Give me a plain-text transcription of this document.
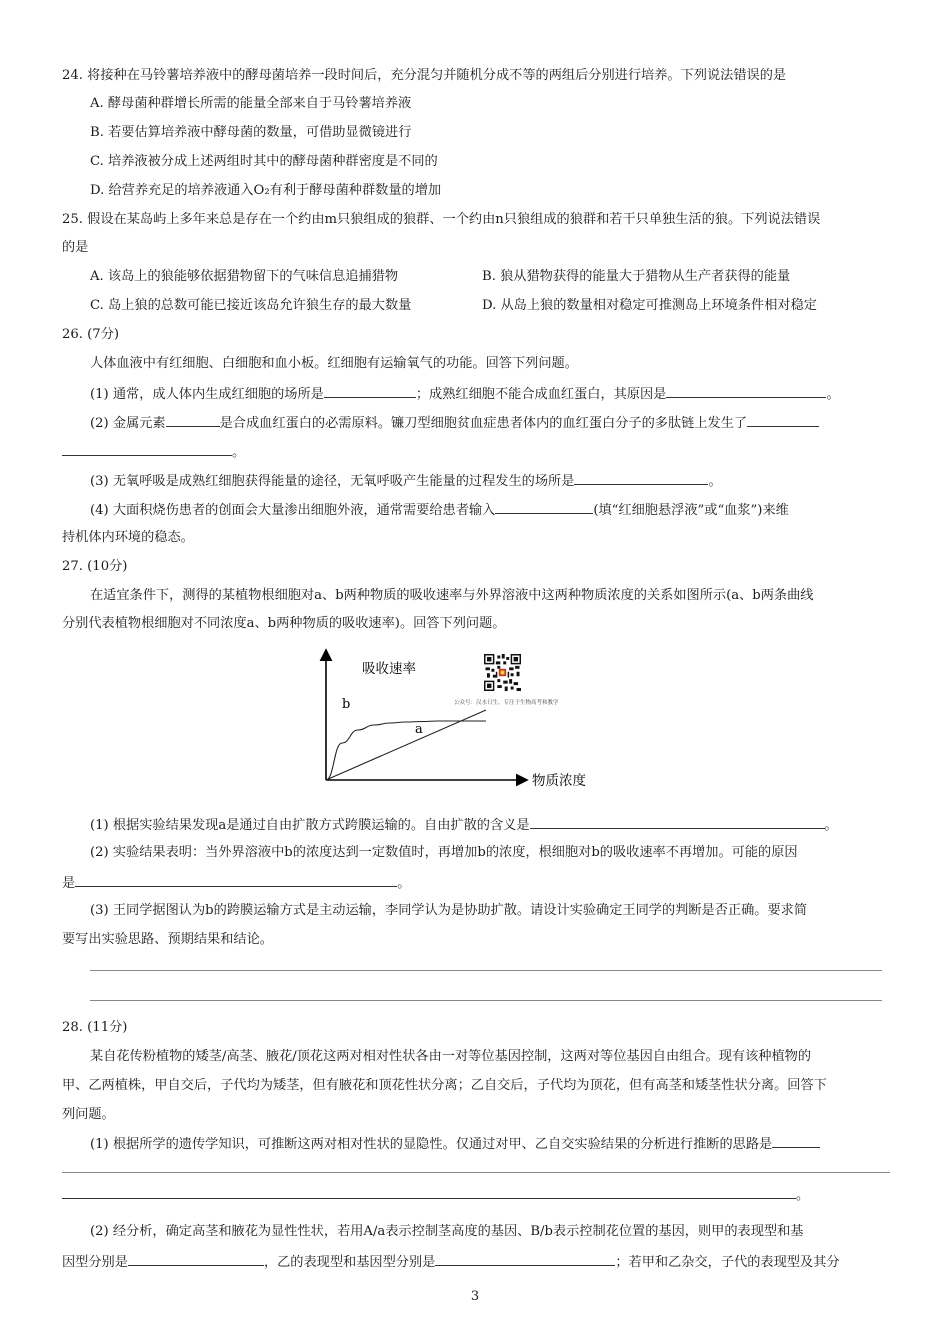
24. 将接种在马铃薯培养液中的酵母菌培养一段时间后，充分混匀并随机分成不等的两组后分别进行培养。下列说法错误的是
A. 酵母菌种群增长所需的能量全部来自于马铃薯培养液
B. 若要估算培养液中酵母菌的数量，可借助显微镜进行
C. 培养液被分成上述两组时其中的酵母菌种群密度是不同的
D. 给营养充足的培养液通入O₂有利于酵母菌种群数量的增加
25. 假设在某岛屿上多年来总是存在一个约由m只狼组成的狼群、一个约由n只狼组成的狼群和若干只单独生活的狼。下列说法错误
的是
A. 该岛上的狼能够依据猎物留下的气味信息追捕猎物	B. 狼从猎物获得的能量大于猎物从生产者获得的能量
C. 岛上狼的总数可能已接近该岛允许狼生存的最大数量	D. 从岛上狼的数量相对稳定可推测岛上环境条件相对稳定
26. (7分)
人体血液中有红细胞、白细胞和血小板。红细胞有运输氧气的功能。回答下列问题。
(1) 通常，成人体内生成红细胞的场所是	；成熟红细胞不能合成血红蛋白，其原因是	。
(2) 金属元素	是合成血红蛋白的必需原料。镰刀型细胞贫血症患者体内的血红蛋白分子的多肽链上发生了
。
(3) 无氧呼吸是成熟红细胞获得能量的途径，无氧呼吸产生能量的过程发生的场所是	。
(4) 大面积烧伤患者的创面会大量渗出细胞外液，通常需要给患者输入	(填“红细胞悬浮液”或“血浆”)来维
持机体内环境的稳态。
27. (10分)
在适宜条件下，测得的某植物根细胞对a、b两种物质的吸收速率与外界溶液中这两种物质浓度的关系如图所示(a、b两条曲线
分别代表植物根细胞对不同浓度a、b两种物质的吸收速率)。回答下列问题。
吸收速率
物质浓度
a
b	公众号：汉水日生，专注于生物高考和教学
(1) 根据实验结果发现a是通过自由扩散方式跨膜运输的。自由扩散的含义是	。
(2) 实验结果表明：当外界溶液中b的浓度达到一定数值时，再增加b的浓度，根细胞对b的吸收速率不再增加。可能的原因
是	。
(3) 王同学据图认为b的跨膜运输方式是主动运输，李同学认为是协助扩散。请设计实验确定王同学的判断是否正确。要求简
要写出实验思路、预期结果和结论。
28. (11分)
某自花传粉植物的矮茎/高茎、腋花/顶花这两对相对性状各由一对等位基因控制，这两对等位基因自由组合。现有该种植物的
甲、乙两植株，甲自交后，子代均为矮茎，但有腋花和顶花性状分离；乙自交后，子代均为顶花，但有高茎和矮茎性状分离。回答下
列问题。
(1) 根据所学的遗传学知识，可推断这两对相对性状的显隐性。仅通过对甲、乙自交实验结果的分析进行推断的思路是
。
(2) 经分析，确定高茎和腋花为显性性状，若用A/a表示控制茎高度的基因、B/b表示控制花位置的基因，则甲的表现型和基
因型分别是	，乙的表现型和基因型分别是	；若甲和乙杂交，子代的表现型及其分
3
